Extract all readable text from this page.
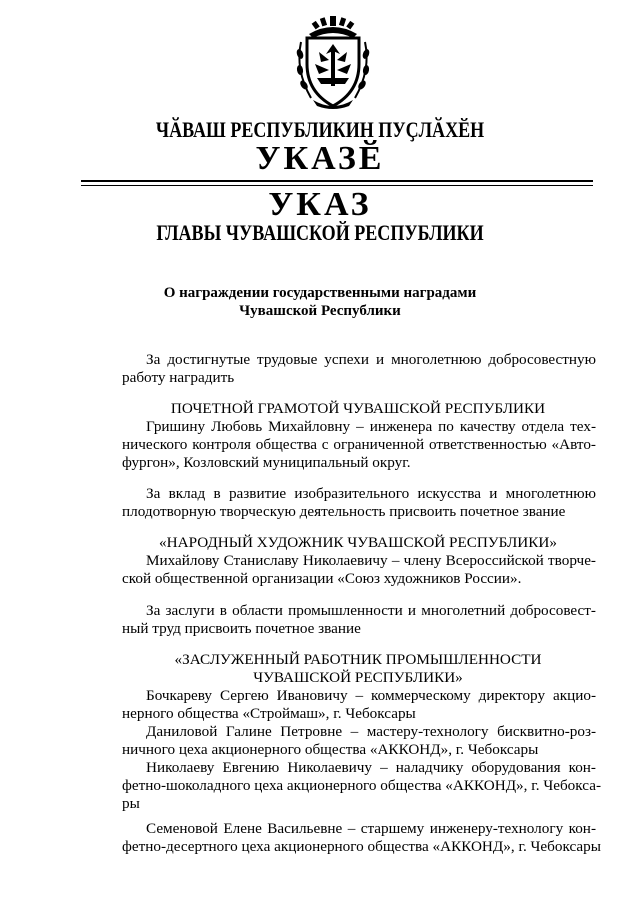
ЧӐВАШ РЕСПУБЛИКИН ПУҪЛӐХӖН
УКАЗӖ
УКАЗ
ГЛАВЫ ЧУВАШСКОЙ РЕСПУБЛИКИ
О награждении государственными наградами
Чувашской Республики
За достигнутые трудовые успехи и многолетнюю добросовестную
работу наградить
ПОЧЕТНОЙ ГРАМОТОЙ ЧУВАШСКОЙ РЕСПУБЛИКИ
Гришину Любовь Михайловну – инженера по качеству отдела тех-
нического контроля общества с ограниченной ответственностью «Авто-
фургон», Козловский муниципальный округ.
За вклад в развитие изобразительного искусства и многолетнюю
плодотворную творческую деятельность присвоить почетное звание
«НАРОДНЫЙ ХУДОЖНИК ЧУВАШСКОЙ РЕСПУБЛИКИ»
Михайлову Станиславу Николаевичу – члену Всероссийской творче-
ской общественной организации «Союз художников России».
За заслуги в области промышленности и многолетний добросовест-
ный труд присвоить почетное звание
«ЗАСЛУЖЕННЫЙ РАБОТНИК ПРОМЫШЛЕННОСТИ
ЧУВАШСКОЙ РЕСПУБЛИКИ»
Бочкареву Сергею Ивановичу – коммерческому директору акцио-
нерного общества «Строймаш», г. Чебоксары
Даниловой Галине Петровне – мастеру-технологу бисквитно-роз-
ничного цеха акционерного общества «АККОНД», г. Чебоксары
Николаеву Евгению Николаевичу – наладчику оборудования кон-
фетно-шоколадного цеха акционерного общества «АККОНД», г. Чебокса-
ры
Семеновой Елене Васильевне – старшему инженеру-технологу кон-
фетно-десертного цеха акционерного общества «АККОНД», г. Чебоксары
